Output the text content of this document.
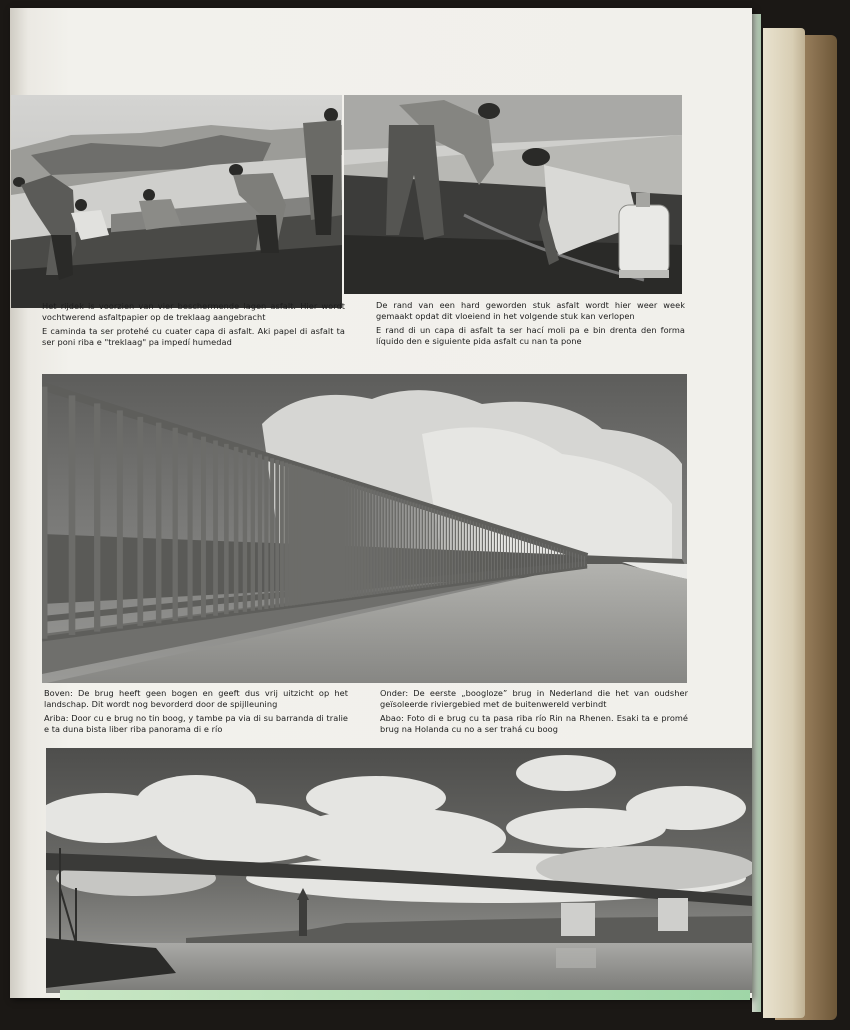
Het rijdek is voorzien van vier beschermende lagen asfalt. Hier wordt vochtwerend asfaltpapier op de treklaag aangebracht

E caminda ta ser protehé cu cuater capa di asfalt. Aki papel di asfalt ta ser poni riba e "treklaag" pa impedí humedad

De rand van een hard geworden stuk asfalt wordt hier weer week gemaakt opdat dit vloeiend in het volgende stuk kan verlopen

E rand di un capa di asfalt ta ser hací moli pa e bin drenta den forma líquido den e siguiente pida asfalt cu nan ta pone

Boven: De brug heeft geen bogen en geeft dus vrij uitzicht op het landschap. Dit wordt nog bevorderd door de spijlleuning

Ariba: Door cu e brug no tin boog, y tambe pa via di su barranda di tralie e ta duna bista liber riba panorama di e río

Onder: De eerste „boogloze” brug in Nederland die het van oudsher geïsoleerde riviergebied met de buitenwereld verbindt

Abao: Foto di e brug cu ta pasa riba río Rin na Rhenen. Esaki ta e promé brug na Holanda cu no a ser trahá cu boog
